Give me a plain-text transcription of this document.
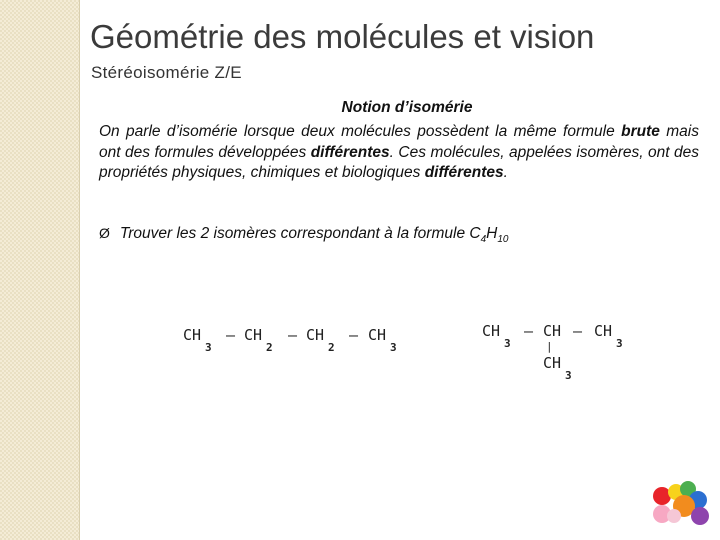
Géométrie des molécules et vision
Stéréoisomérie Z/E
Notion d’isomérie
On parle d’isomérie lorsque deux molécules possèdent la même formule brute mais ont des formules développées différentes. Ces molécules, appelées isomères, ont des propriétés physiques, chimiques et biologiques différentes.
Ø Trouver les 2 isomères correspondant à la formule $C_4H_{10}$
CH
3
– CH
2
– CH
2
– CH
3
CH
3
– CH – CH
3
|
CH
3
